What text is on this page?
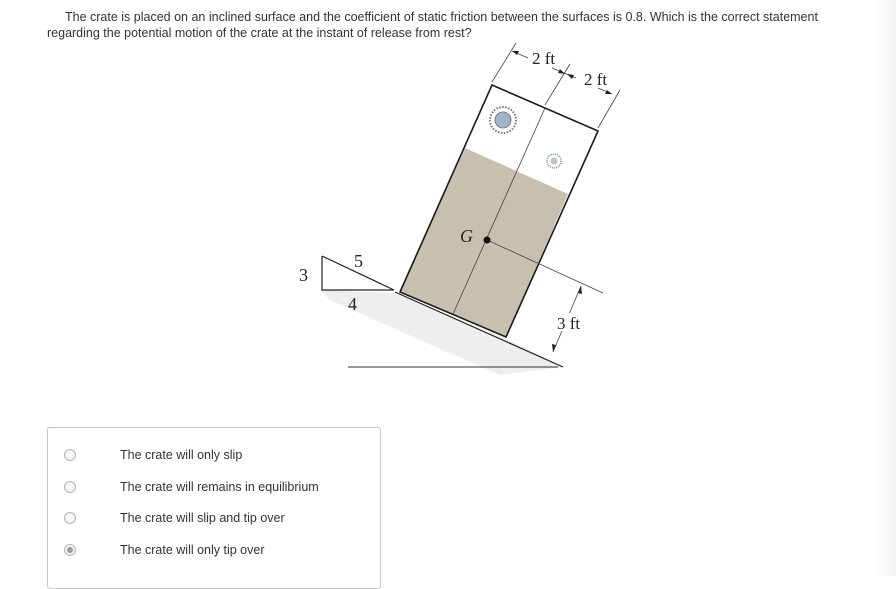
The crate is placed on an inclined surface and the coefficient of static friction between the surfaces is 0.8. Which is the correct statement regarding the potential motion of the crate at the instant of release from rest?
G
2 ft
2 ft
3 ft
3
5
4
The crate will only slip
The crate will remains in equilibrium
The crate will slip and tip over
The crate will only tip over
